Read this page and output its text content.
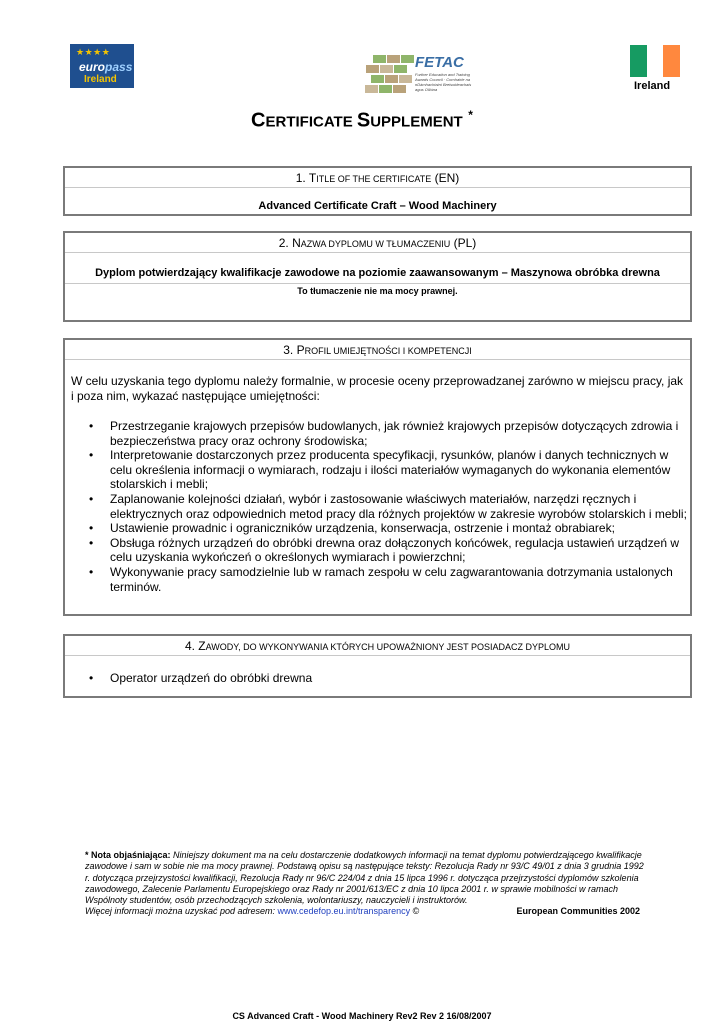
★ ★ ★ ★
europass
Ireland
FETAC
Further Education and Training Awards Council · Comhairle na nDámhachtainí Breisoideachais agus Oiliúna	Ireland
CERTIFICATE SUPPLEMENT *
1. TITLE OF THE CERTIFICATE (EN)
Advanced Certificate Craft – Wood Machinery
2. NAZWA DYPLOMU W TŁUMACZENIU (PL)
Dyplom potwierdzający kwalifikacje zawodowe na poziomie zaawansowanym – Maszynowa obróbka drewna
To tłumaczenie nie ma mocy prawnej.
3. PROFIL UMIEJĘTNOŚCI I KOMPETENCJI
W celu uzyskania tego dyplomu należy formalnie, w procesie oceny przeprowadzanej zarówno w miejscu pracy, jak i poza nim, wykazać następujące umiejętności:
• Przestrzeganie krajowych przepisów budowlanych, jak również krajowych przepisów dotyczących zdrowia i bezpieczeństwa pracy oraz ochrony środowiska;
• Interpretowanie dostarczonych przez producenta specyfikacji, rysunków, planów i danych technicznych w celu określenia informacji o wymiarach, rodzaju i ilości materiałów wymaganych do wykonania elementów stolarskich i mebli;
• Zaplanowanie kolejności działań, wybór i zastosowanie właściwych materiałów, narzędzi ręcznych i elektrycznych oraz odpowiednich metod pracy dla różnych projektów w zakresie wyrobów stolarskich i mebli;
• Ustawienie prowadnic i ograniczników urządzenia, konserwacja, ostrzenie i montaż obrabiarek;
• Obsługa różnych urządzeń do obróbki drewna oraz dołączonych końcówek, regulacja ustawień urządzeń w celu uzyskania wykończeń o określonych wymiarach i powierzchni;
• Wykonywanie pracy samodzielnie lub w ramach zespołu w celu zagwarantowania dotrzymania ustalonych terminów.
4. ZAWODY, DO WYKONYWANIA KTÓRYCH UPOWAŻNIONY JEST POSIADACZ DYPLOMU
• Operator urządzeń do obróbki drewna
* Nota objaśniająca: Niniejszy dokument ma na celu dostarczenie dodatkowych informacji na temat dyplomu potwierdzającego kwalifikacje zawodowe i sam w sobie nie ma mocy prawnej. Podstawą opisu są następujące teksty: Rezolucja Rady nr 93/C 49/01 z dnia 3 grudnia 1992 r. dotycząca przejrzystości kwalifikacji, Rezolucja Rady nr 96/C 224/04 z dnia 15 lipca 1996 r. dotycząca przejrzystości dyplomów szkolenia zawodowego, Zalecenie Parlamentu Europejskiego oraz Rady nr 2001/613/EC z dnia 10 lipca 2001 r. w sprawie mobilności w ramach Wspólnoty studentów, osób przechodzących szkolenia, wolontariuszy, nauczycieli i instruktorów.
Więcej informacji można uzyskać pod adresem: www.cedefop.eu.int/transparency ©	European Communities 2002
CS Advanced Craft - Wood Machinery Rev2 Rev 2 16/08/2007
